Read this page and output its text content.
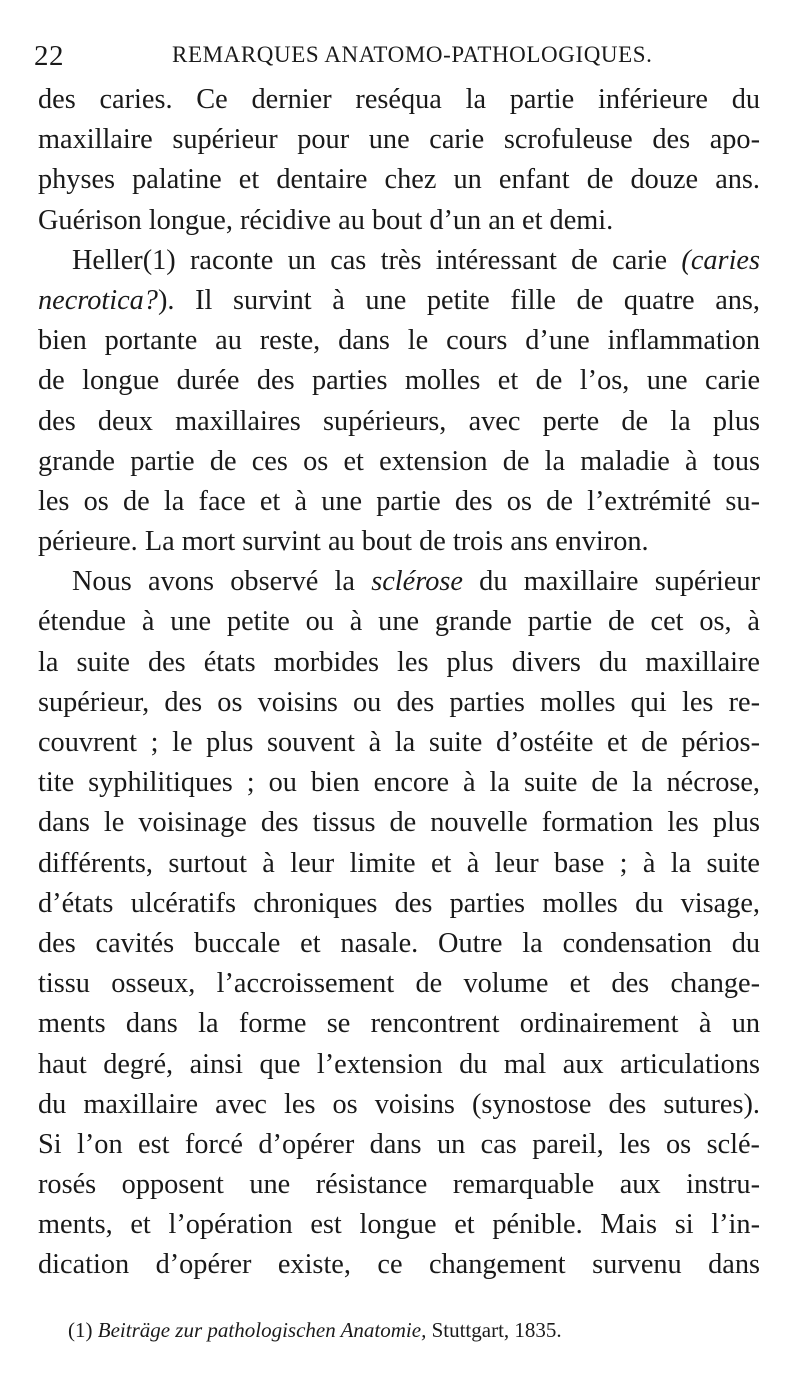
22	REMARQUES ANATOMO-PATHOLOGIQUES.
des caries. Ce dernier reséqua la partie inférieure du
maxillaire supérieur pour une carie scrofuleuse des apo-
physes palatine et dentaire chez un enfant de douze ans.
Guérison longue, récidive au bout d’un an et demi.
Heller(1) raconte un cas très intéressant de carie (caries
necrotica?). Il survint à une petite fille de quatre ans,
bien portante au reste, dans le cours d’une inflammation
de longue durée des parties molles et de l’os, une carie
des deux maxillaires supérieurs, avec perte de la plus
grande partie de ces os et extension de la maladie à tous
les os de la face et à une partie des os de l’extrémité su-
périeure. La mort survint au bout de trois ans environ.
Nous avons observé la sclérose du maxillaire supérieur
étendue à une petite ou à une grande partie de cet os, à
la suite des états morbides les plus divers du maxillaire
supérieur, des os voisins ou des parties molles qui les re-
couvrent ; le plus souvent à la suite d’ostéite et de périos-
tite syphilitiques ; ou bien encore à la suite de la nécrose,
dans le voisinage des tissus de nouvelle formation les plus
différents, surtout à leur limite et à leur base ; à la suite
d’états ulcératifs chroniques des parties molles du visage,
des cavités buccale et nasale. Outre la condensation du
tissu osseux, l’accroissement de volume et des change-
ments dans la forme se rencontrent ordinairement à un
haut degré, ainsi que l’extension du mal aux articulations
du maxillaire avec les os voisins (synostose des sutures).
Si l’on est forcé d’opérer dans un cas pareil, les os sclé-
rosés opposent une résistance remarquable aux instru-
ments, et l’opération est longue et pénible. Mais si l’in-
dication d’opérer existe, ce changement survenu dans
(1) Beiträge zur pathologischen Anatomie, Stuttgart, 1835.
